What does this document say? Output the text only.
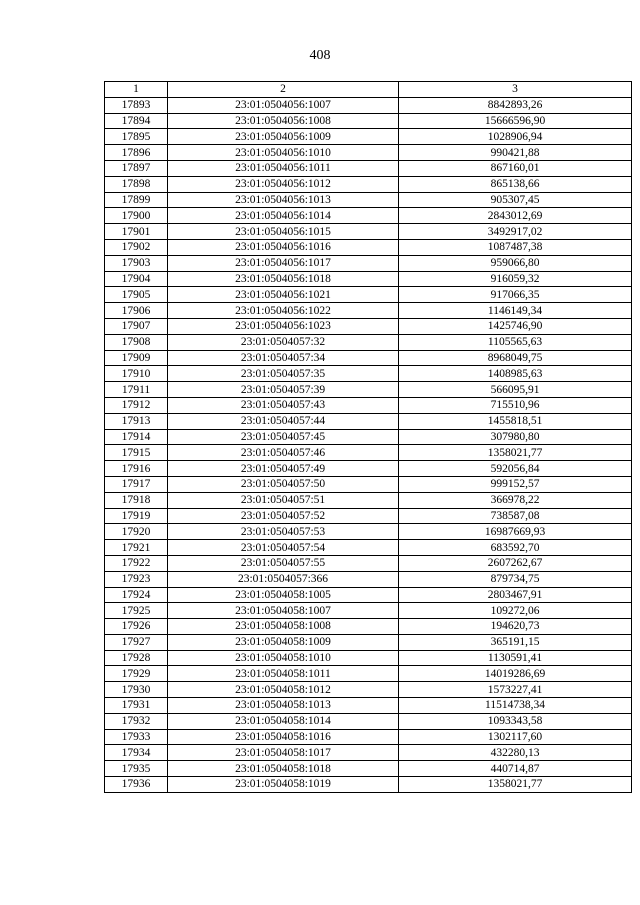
408
1	2	3
17893	23:01:0504056:1007	8842893,26
17894	23:01:0504056:1008	15666596,90
17895	23:01:0504056:1009	1028906,94
17896	23:01:0504056:1010	990421,88
17897	23:01:0504056:1011	867160,01
17898	23:01:0504056:1012	865138,66
17899	23:01:0504056:1013	905307,45
17900	23:01:0504056:1014	2843012,69
17901	23:01:0504056:1015	3492917,02
17902	23:01:0504056:1016	1087487,38
17903	23:01:0504056:1017	959066,80
17904	23:01:0504056:1018	916059,32
17905	23:01:0504056:1021	917066,35
17906	23:01:0504056:1022	1146149,34
17907	23:01:0504056:1023	1425746,90
17908	23:01:0504057:32	1105565,63
17909	23:01:0504057:34	8968049,75
17910	23:01:0504057:35	1408985,63
17911	23:01:0504057:39	566095,91
17912	23:01:0504057:43	715510,96
17913	23:01:0504057:44	1455818,51
17914	23:01:0504057:45	307980,80
17915	23:01:0504057:46	1358021,77
17916	23:01:0504057:49	592056,84
17917	23:01:0504057:50	999152,57
17918	23:01:0504057:51	366978,22
17919	23:01:0504057:52	738587,08
17920	23:01:0504057:53	16987669,93
17921	23:01:0504057:54	683592,70
17922	23:01:0504057:55	2607262,67
17923	23:01:0504057:366	879734,75
17924	23:01:0504058:1005	2803467,91
17925	23:01:0504058:1007	109272,06
17926	23:01:0504058:1008	194620,73
17927	23:01:0504058:1009	365191,15
17928	23:01:0504058:1010	1130591,41
17929	23:01:0504058:1011	14019286,69
17930	23:01:0504058:1012	1573227,41
17931	23:01:0504058:1013	11514738,34
17932	23:01:0504058:1014	1093343,58
17933	23:01:0504058:1016	1302117,60
17934	23:01:0504058:1017	432280,13
17935	23:01:0504058:1018	440714,87
17936	23:01:0504058:1019	1358021,77
